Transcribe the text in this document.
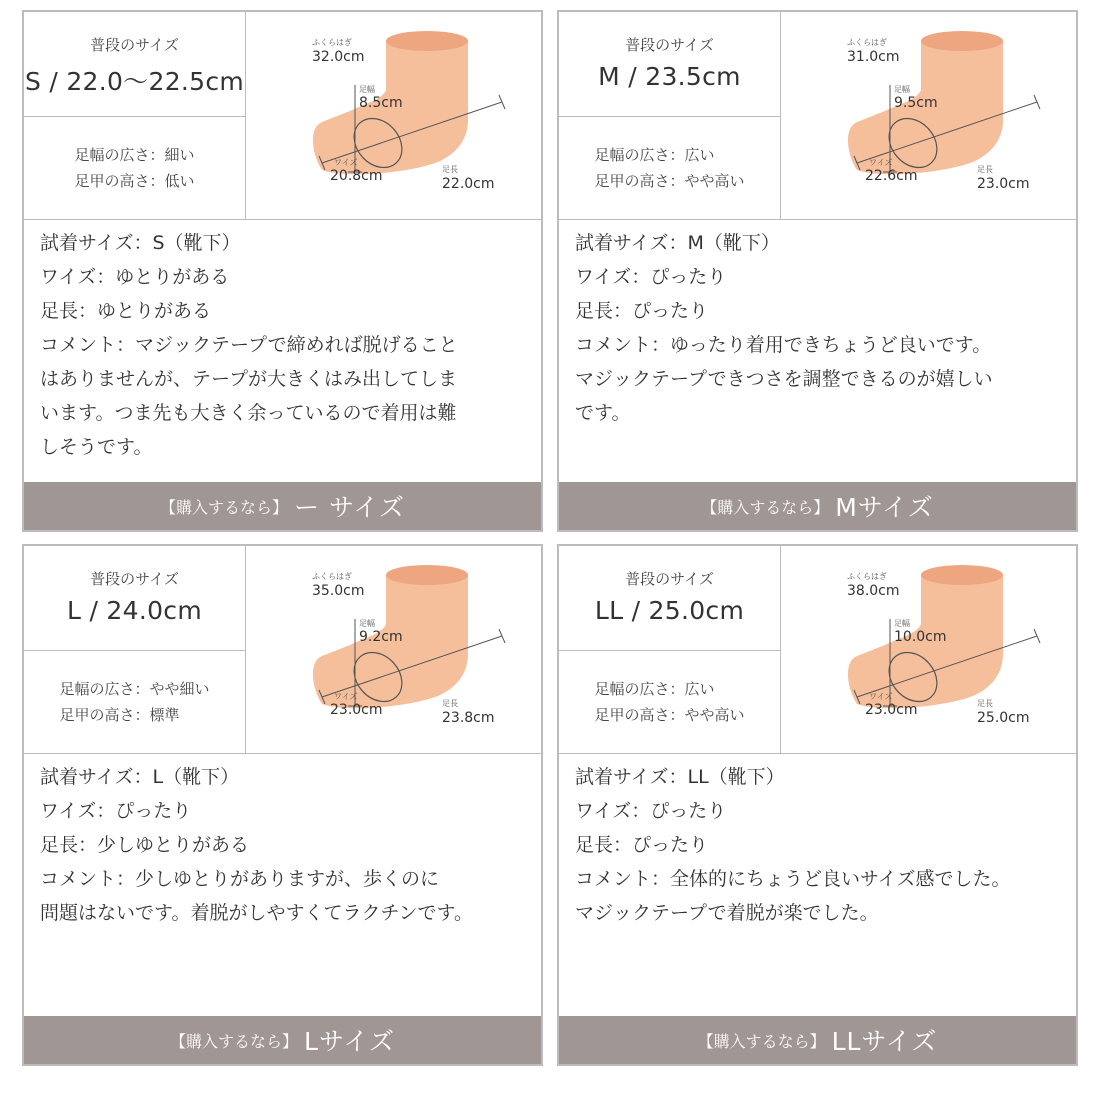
普段のサイズ
S / 22.0〜22.5cm
足幅の広さ：細い
足甲の高さ：低い
ふくらはぎ
32.0cm
足幅
8.5cm
ワイズ
20.8cm	足長
22.0cm
試着サイズ：S（靴下）
ワイズ：ゆとりがある
足長：ゆとりがある
コメント：マジックテープで締めれば脱げること
はありませんが、テープが大きくはみ出してしま
います。つま先も大きく余っているので着用は難
しそうです。
【購入するなら】 ー サイズ
普段のサイズ
M / 23.5cm
足幅の広さ：広い
足甲の高さ：やや高い
ふくらはぎ
31.0cm
足幅
9.5cm
ワイズ
22.6cm	足長
23.0cm
試着サイズ：M（靴下）
ワイズ：ぴったり
足長：ぴったり
コメント：ゆったり着用できちょうど良いです。
マジックテープできつさを調整できるのが嬉しい
です。
【購入するなら】 Mサイズ
普段のサイズ
L / 24.0cm
足幅の広さ：やや細い
足甲の高さ：標準
ふくらはぎ
35.0cm
足幅
9.2cm
ワイズ
23.0cm	足長
23.8cm
試着サイズ：L（靴下）
ワイズ：ぴったり
足長：少しゆとりがある
コメント：少しゆとりがありますが、歩くのに
問題はないです。着脱がしやすくてラクチンです。
【購入するなら】 Lサイズ
普段のサイズ
LL / 25.0cm
足幅の広さ：広い
足甲の高さ：やや高い
ふくらはぎ
38.0cm
足幅
10.0cm
ワイズ
23.0cm	足長
25.0cm
試着サイズ：LL（靴下）
ワイズ：ぴったり
足長：ぴったり
コメント：全体的にちょうど良いサイズ感でした。
マジックテープで着脱が楽でした。
【購入するなら】 LLサイズ
